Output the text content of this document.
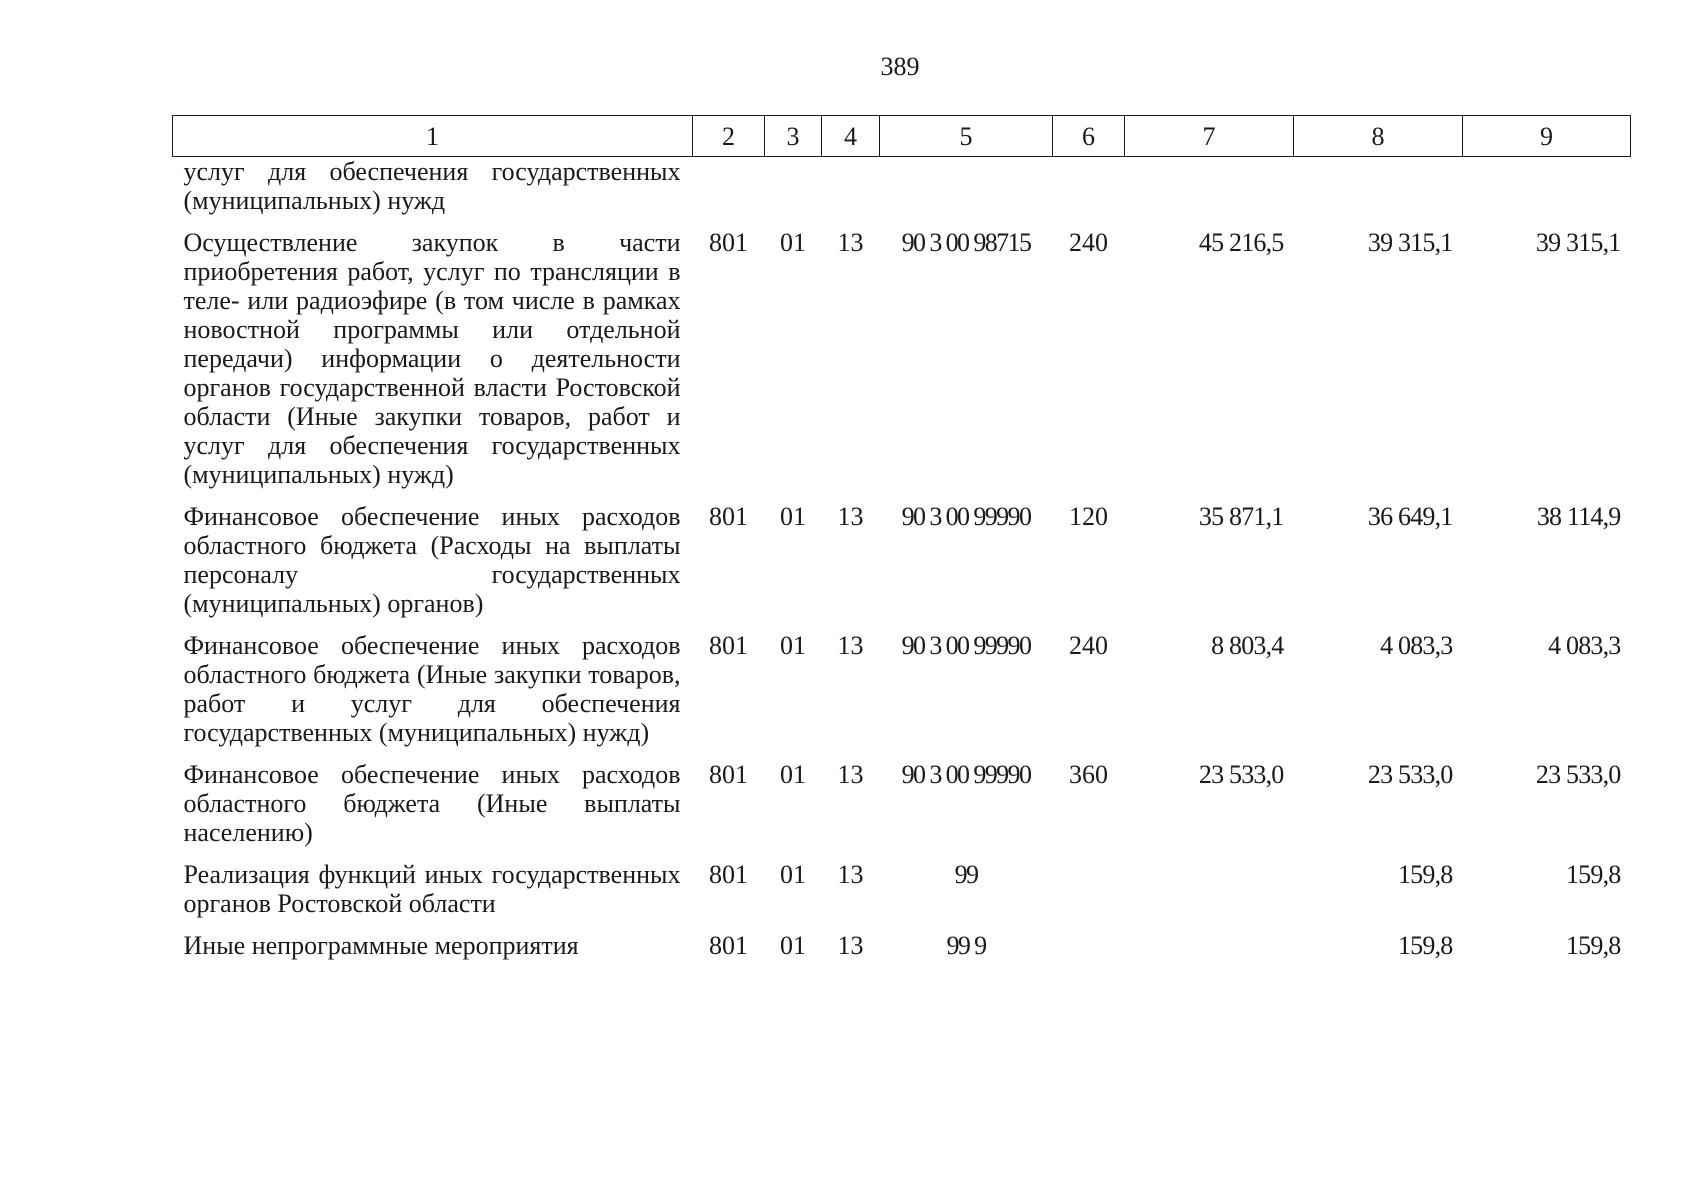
389
1	2	3	4	5	6	7	8	9
услуг для обеспечения государственных (муниципальных) нужд								
Осуществление закупок в части приобретения работ, услуг по трансляции в теле- или радиоэфире (в том числе в рамках новостной программы или отдельной передачи) информации о деятельности органов государственной власти Ростовской области (Иные закупки товаров, работ и услуг для обеспечения государственных (муниципальных) нужд)	801	01	13	90 3 00 98715	240	45 216,5	39 315,1	39 315,1
Финансовое обеспечение иных расходов областного бюджета (Расходы на выплаты персоналу государственных (муниципальных) органов)	801	01	13	90 3 00 99990	120	35 871,1	36 649,1	38 114,9
Финансовое обеспечение иных расходов областного бюджета (Иные закупки товаров, работ и услуг для обеспечения государственных (муниципальных) нужд)	801	01	13	90 3 00 99990	240	8 803,4	4 083,3	4 083,3
Финансовое обеспечение иных расходов областного бюджета (Иные выплаты населению)	801	01	13	90 3 00 99990	360	23 533,0	23 533,0	23 533,0
Реализация функций иных государственных органов Ростовской области	801	01	13	99			159,8	159,8
Иные непрограммные мероприятия	801	01	13	99 9			159,8	159,8
